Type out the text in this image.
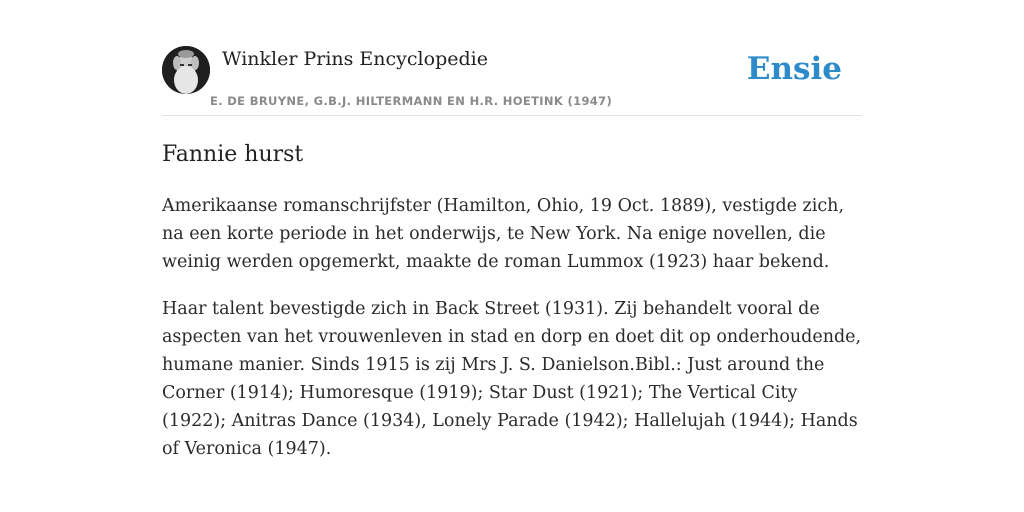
Winkler Prins Encyclopedie
E. DE BRUYNE, G.B.J. HILTERMANN EN H.R. HOETINK (1947)
Ensie
Fannie hurst

Amerikaanse romanschrijfster (Hamilton, Ohio, 19 Oct. 1889), vestigde zich, na een korte periode in het onderwijs, te New York. Na enige novellen, die weinig werden opgemerkt, maakte de roman Lummox (1923) haar bekend.

Haar talent bevestigde zich in Back Street (1931). Zij behandelt vooral de aspecten van het vrouwenleven in stad en dorp en doet dit op onderhoudende, humane manier. Sinds 1915 is zij Mrs J. S. Danielson.Bibl.: Just around the Corner (1914); Humoresque (1919); Star Dust (1921); The Vertical City (1922); Anitras Dance (1934), Lonely Parade (1942); Hallelujah (1944); Hands of Veronica (1947).
